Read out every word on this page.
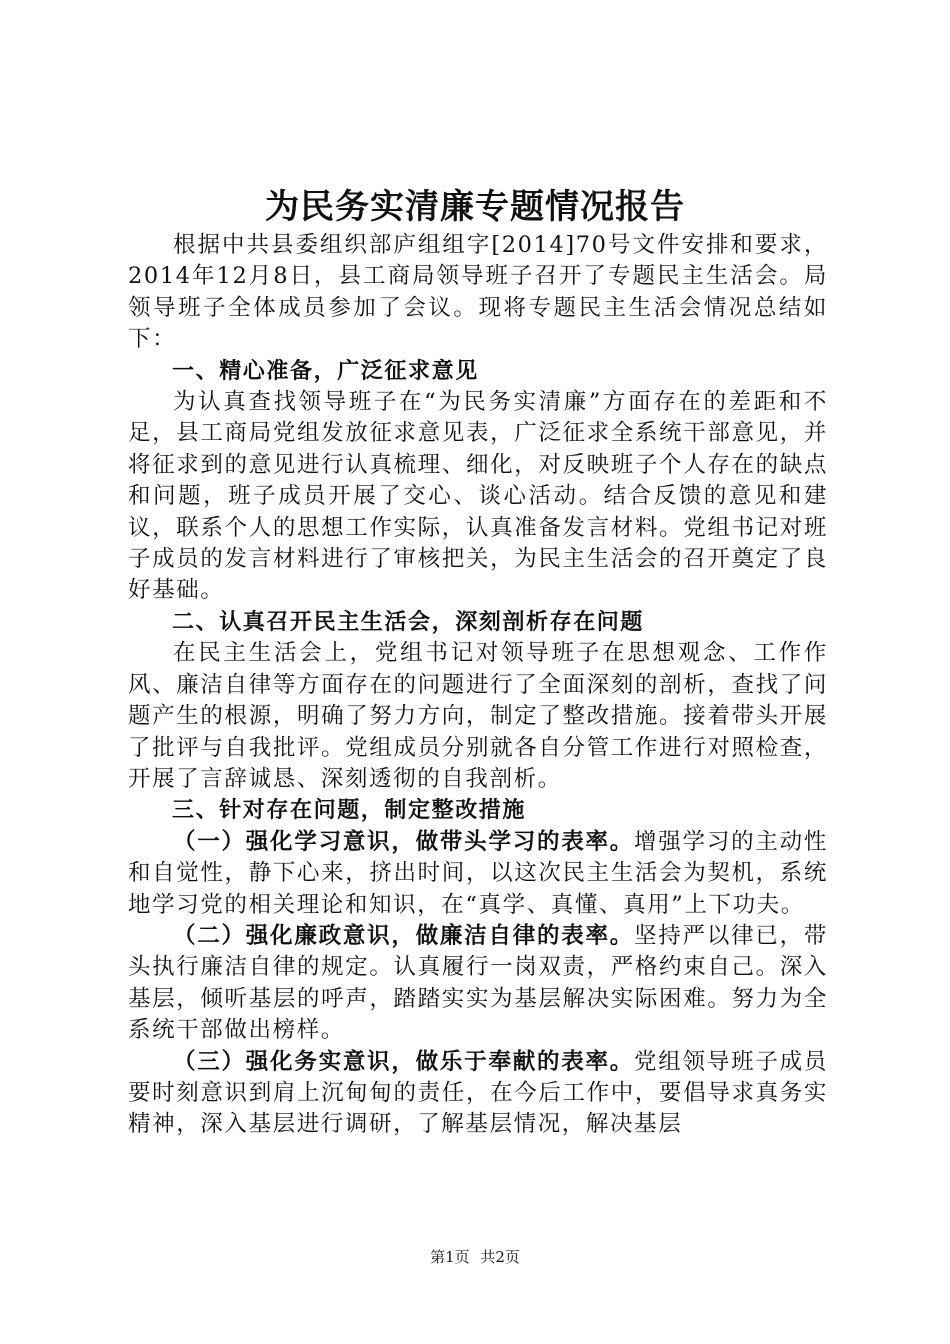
为民务实清廉专题情况报告

根据中共县委组织部庐组组字[2014]70号文件安排和要求，2014年12月8日，县工商局领导班子召开了专题民主生活会。局领导班子全体成员参加了会议。现将专题民主生活会情况总结如下：

一、精心准备，广泛征求意见

为认真查找领导班子在“为民务实清廉”方面存在的差距和不足，县工商局党组发放征求意见表，广泛征求全系统干部意见，并将征求到的意见进行认真梳理、细化，对反映班子个人存在的缺点和问题，班子成员开展了交心、谈心活动。结合反馈的意见和建议，联系个人的思想工作实际，认真准备发言材料。党组书记对班子成员的发言材料进行了审核把关，为民主生活会的召开奠定了良好基础。

二、认真召开民主生活会，深刻剖析存在问题

在民主生活会上，党组书记对领导班子在思想观念、工作作风、廉洁自律等方面存在的问题进行了全面深刻的剖析，查找了问题产生的根源，明确了努力方向，制定了整改措施。接着带头开展了批评与自我批评。党组成员分别就各自分管工作进行对照检查，开展了言辞诚恳、深刻透彻的自我剖析。

三、针对存在问题，制定整改措施

（一）强化学习意识，做带头学习的表率。增强学习的主动性和自觉性，静下心来，挤出时间，以这次民主生活会为契机，系统地学习党的相关理论和知识，在“真学、真懂、真用”上下功夫。

（二）强化廉政意识，做廉洁自律的表率。坚持严以律已，带头执行廉洁自律的规定。认真履行一岗双责，严格约束自己。深入基层，倾听基层的呼声，踏踏实实为基层解决实际困难。努力为全系统干部做出榜样。

（三）强化务实意识，做乐于奉献的表率。党组领导班子成员要时刻意识到肩上沉甸甸的责任，在今后工作中，要倡导求真务实精神，深入基层进行调研，了解基层情况，解决基层

第1页 共2页
